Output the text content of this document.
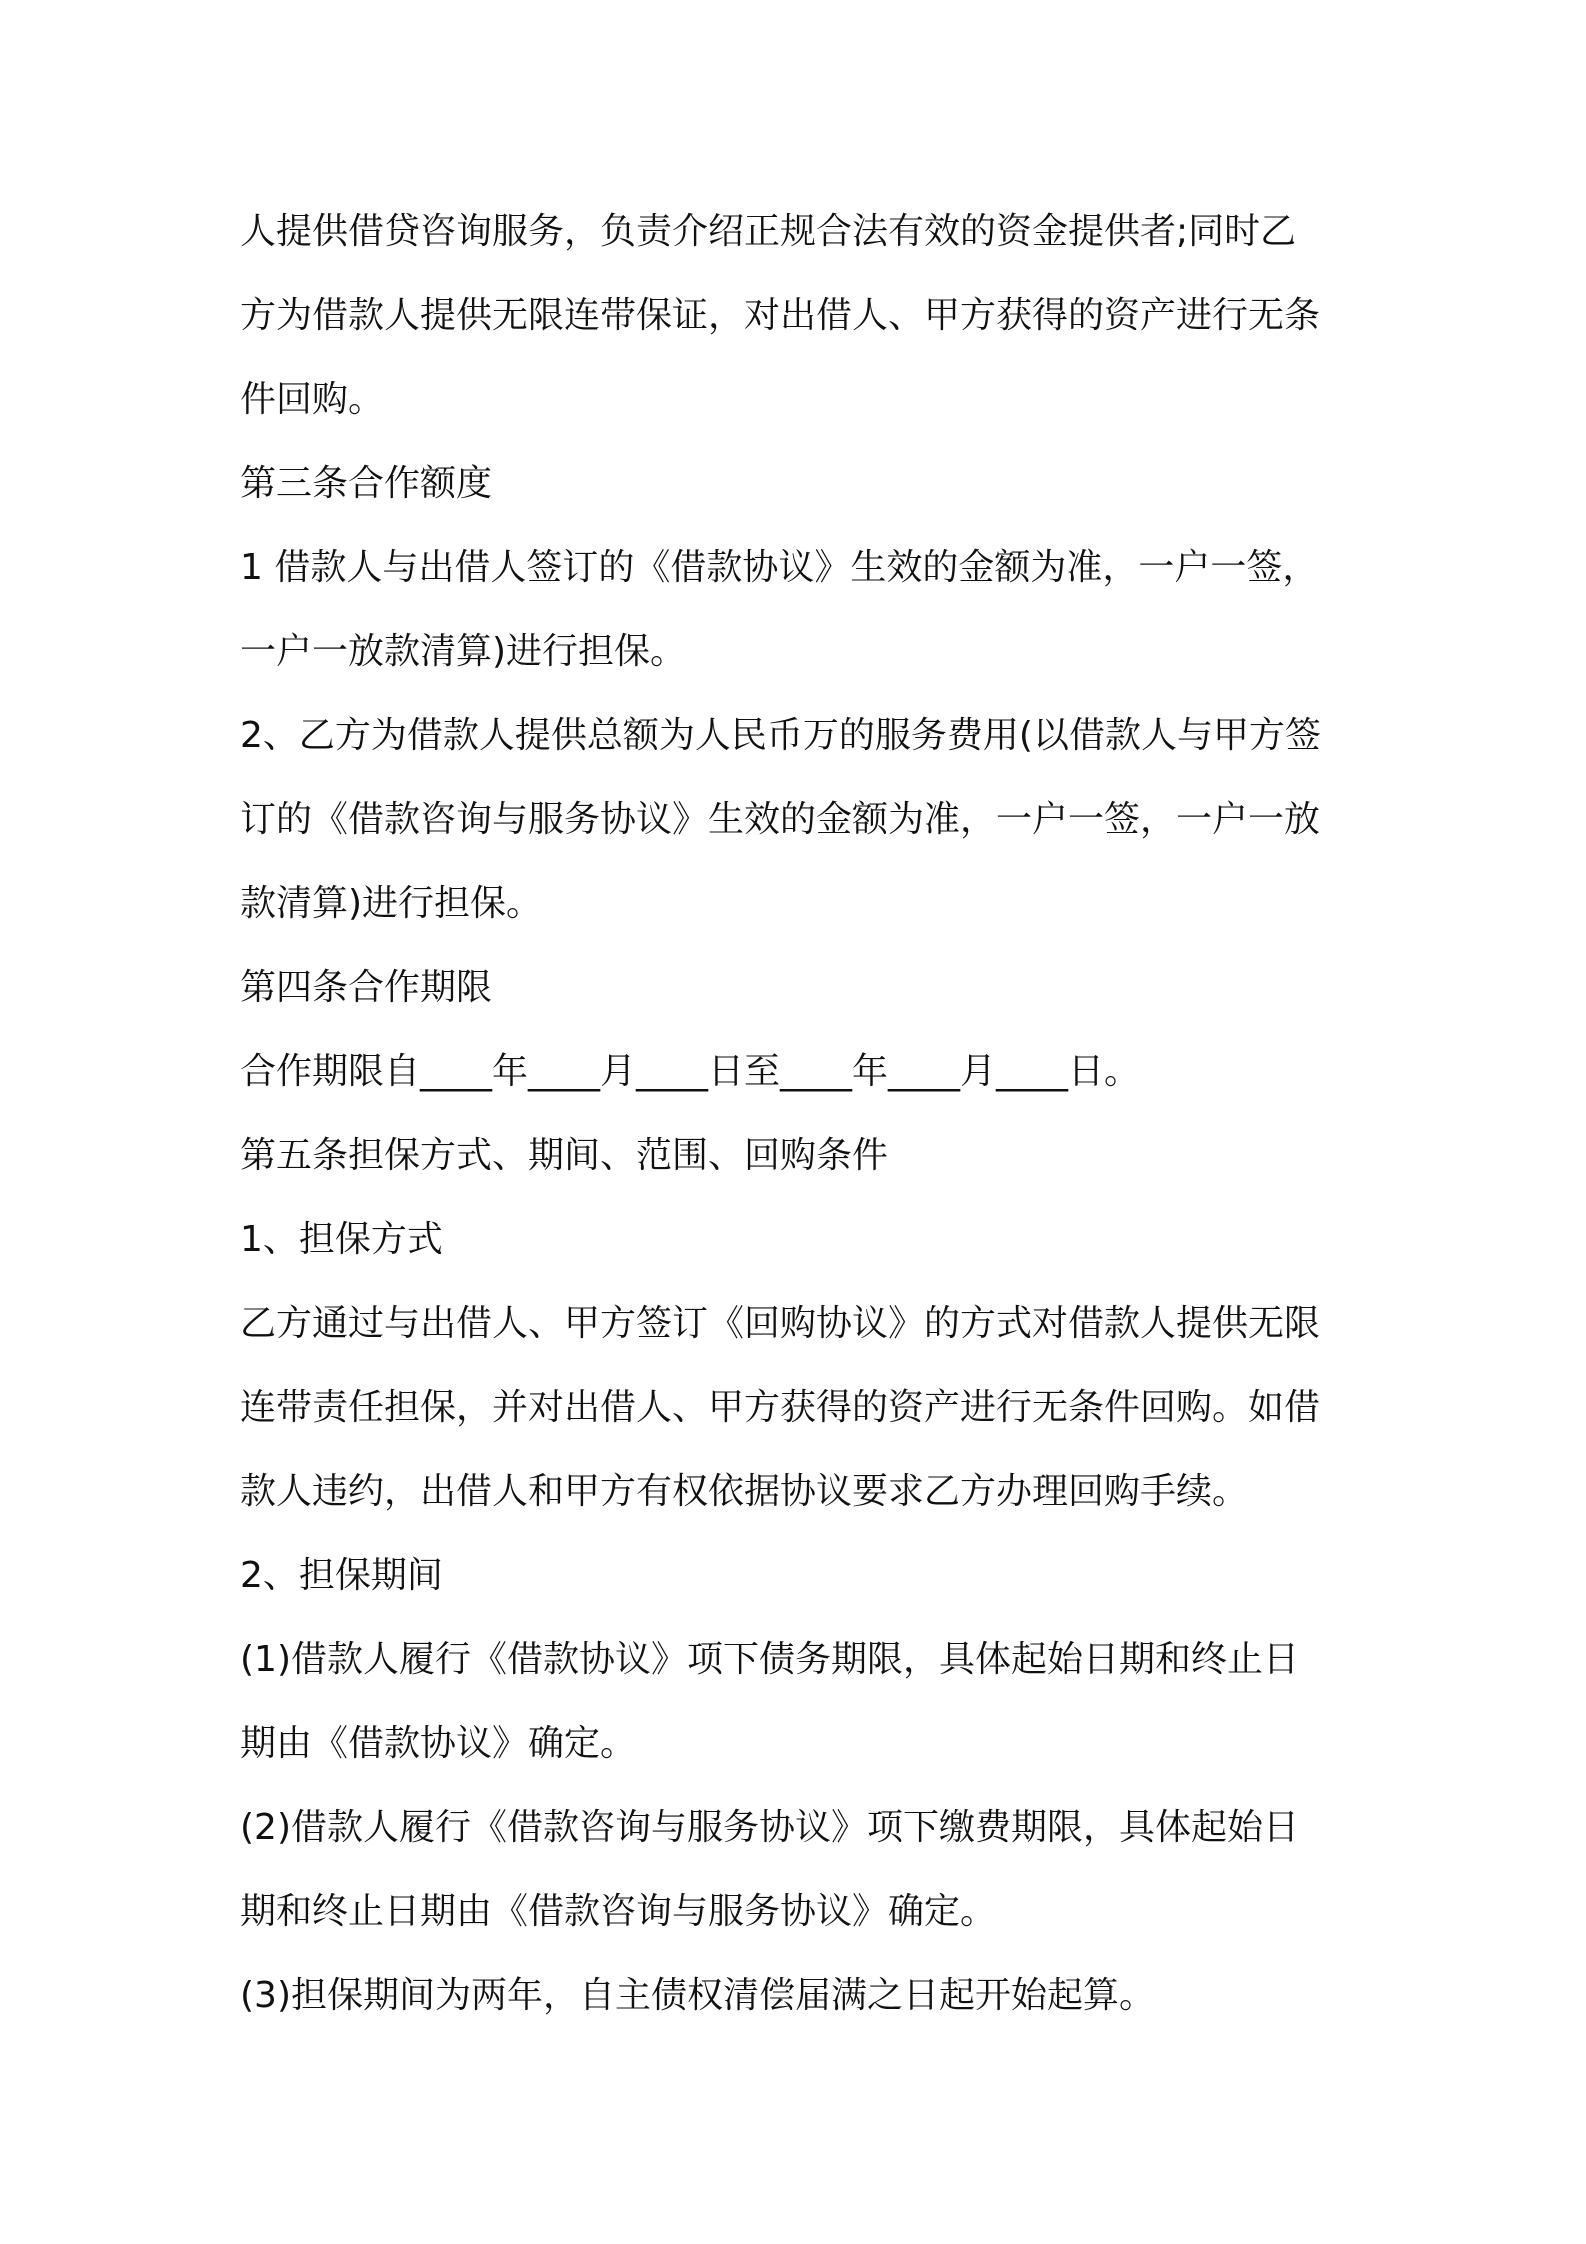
人提供借贷咨询服务，负责介绍正规合法有效的资金提供者;同时乙

方为借款人提供无限连带保证，对出借人、甲方获得的资产进行无条

件回购。

第三条合作额度

1 借款人与出借人签订的《借款协议》生效的金额为准，一户一签，

一户一放款清算)进行担保。

2、乙方为借款人提供总额为人民币万的服务费用(以借款人与甲方签

订的《借款咨询与服务协议》生效的金额为准，一户一签，一户一放

款清算)进行担保。

第四条合作期限

合作期限自____年____月____日至____年____月____日。

第五条担保方式、期间、范围、回购条件

1、担保方式

乙方通过与出借人、甲方签订《回购协议》的方式对借款人提供无限

连带责任担保，并对出借人、甲方获得的资产进行无条件回购。如借

款人违约，出借人和甲方有权依据协议要求乙方办理回购手续。

2、担保期间

(1)借款人履行《借款协议》项下债务期限，具体起始日期和终止日

期由《借款协议》确定。

(2)借款人履行《借款咨询与服务协议》项下缴费期限，具体起始日

期和终止日期由《借款咨询与服务协议》确定。

(3)担保期间为两年，自主债权清偿届满之日起开始起算。
